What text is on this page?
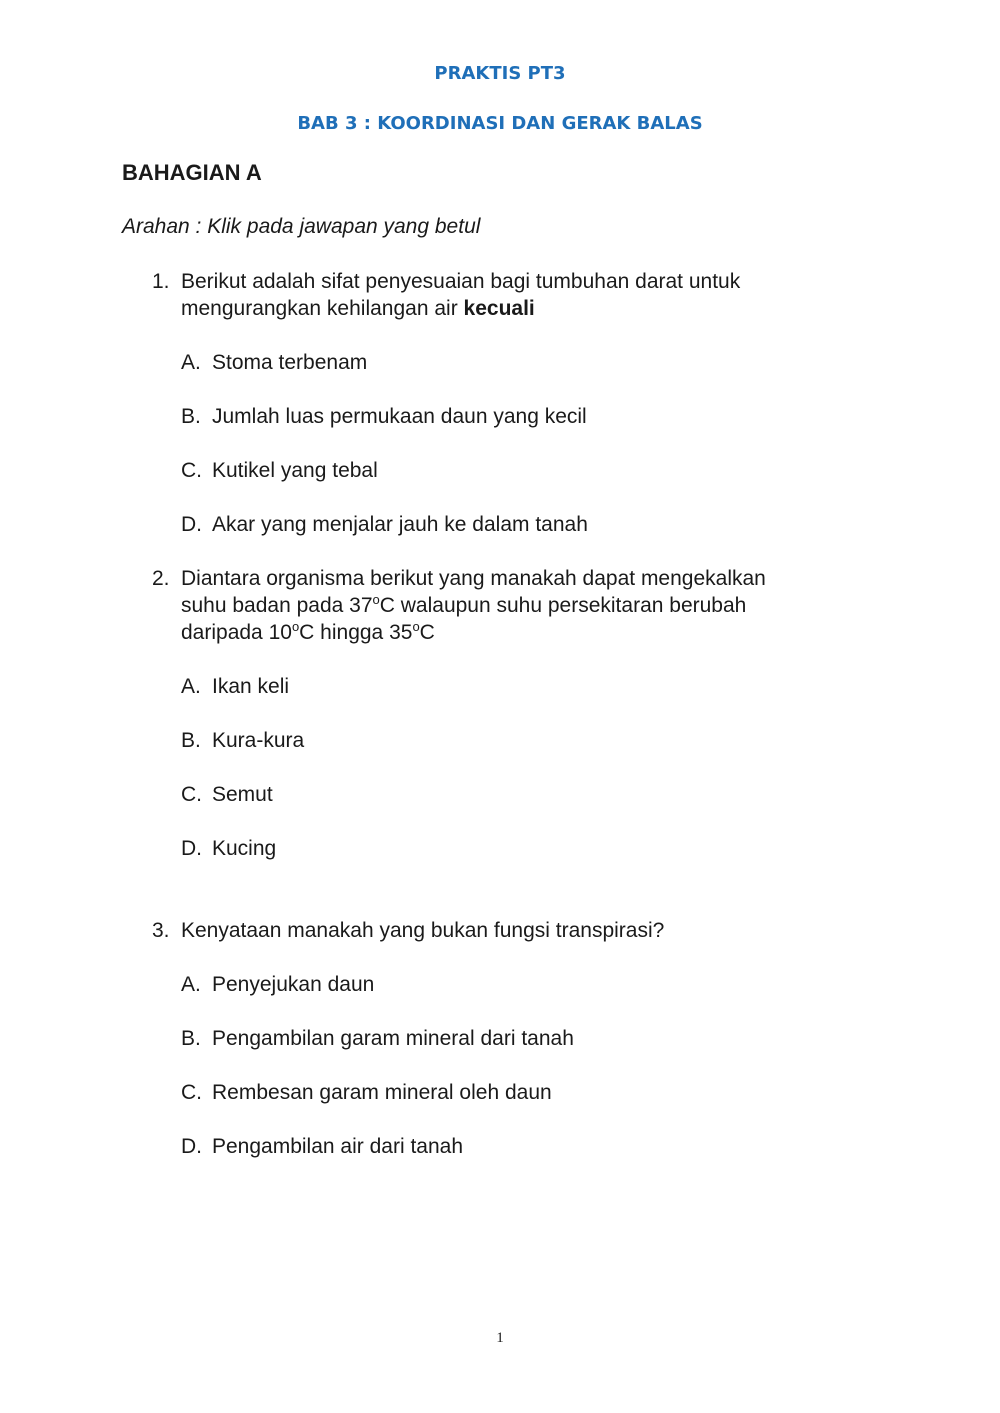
PRAKTIS PT3
BAB 3 : KOORDINASI DAN GERAK BALAS
BAHAGIAN A
Arahan : Klik pada jawapan yang betul
1. Berikut adalah sifat penyesuaian bagi tumbuhan darat untuk
mengurangkan kehilangan air kecuali
A. Stoma terbenam
B. Jumlah luas permukaan daun yang kecil
C. Kutikel yang tebal
D. Akar yang menjalar jauh ke dalam tanah
2. Diantara organisma berikut yang manakah dapat mengekalkan
suhu badan pada 37$^o$C walaupun suhu persekitaran berubah
daripada 10$^o$C hingga 35$^o$C
A. Ikan keli
B. Kura-kura
C. Semut
D. Kucing
3. Kenyataan manakah yang bukan fungsi transpirasi?
A. Penyejukan daun
B. Pengambilan garam mineral dari tanah
C. Rembesan garam mineral oleh daun
D. Pengambilan air dari tanah
1
